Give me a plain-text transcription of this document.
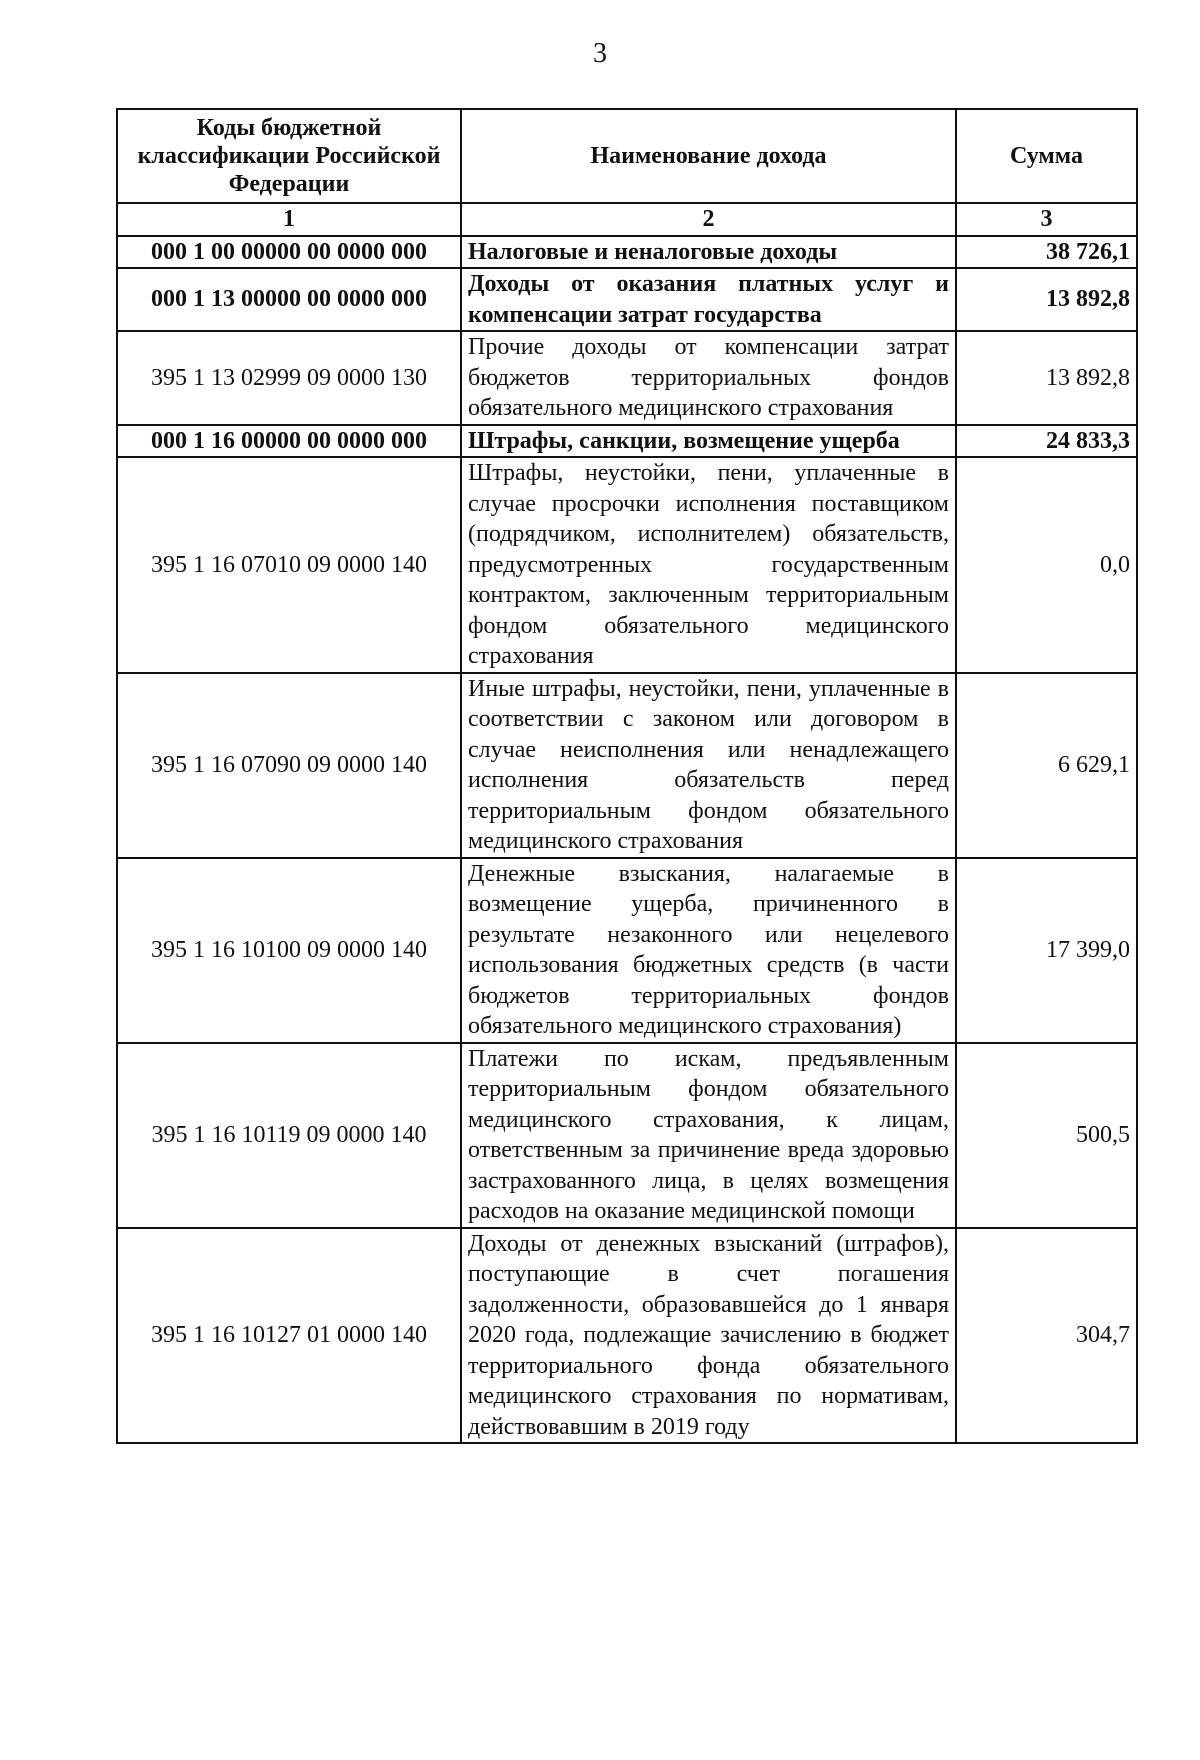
3
Коды бюджетной классификации Российской Федерации	Наименование дохода	Сумма
1	2	3
000 1 00 00000 00 0000 000	Налоговые и неналоговые доходы	38 726,1
000 1 13 00000 00 0000 000	Доходы от оказания платных услуг и компенсации затрат государства	13 892,8
395 1 13 02999 09 0000 130	Прочие доходы от компенсации затрат бюджетов территориальных фондов обязательного медицинского страхования	13 892,8
000 1 16 00000 00 0000 000	Штрафы, санкции, возмещение ущерба	24 833,3
395 1 16 07010 09 0000 140	Штрафы, неустойки, пени, уплаченные в случае просрочки исполнения поставщиком (подрядчиком, исполнителем) обязательств, предусмотренных государственным контрактом, заключенным территориальным фондом обязательного медицинского страхования	0,0
395 1 16 07090 09 0000 140	Иные штрафы, неустойки, пени, уплаченные в соответствии с законом или договором в случае неисполнения или ненадлежащего исполнения обязательств перед территориальным фондом обязательного медицинского страхования	6 629,1
395 1 16 10100 09 0000 140	Денежные взыскания, налагаемые в возмещение ущерба, причиненного в результате незаконного или нецелевого использования бюджетных средств (в части бюджетов территориальных фондов обязательного медицинского страхования)	17 399,0
395 1 16 10119 09 0000 140	Платежи по искам, предъявленным территориальным фондом обязательного медицинского страхования, к лицам, ответственным за причинение вреда здоровью застрахованного лица, в целях возмещения расходов на оказание медицинской помощи	500,5
395 1 16 10127 01 0000 140	Доходы от денежных взысканий (штрафов), поступающие в счет погашения задолженности, образовавшейся до 1 января 2020 года, подлежащие зачислению в бюджет территориального фонда обязательного медицинского страхования по нормативам, действовавшим в 2019 году	304,7
